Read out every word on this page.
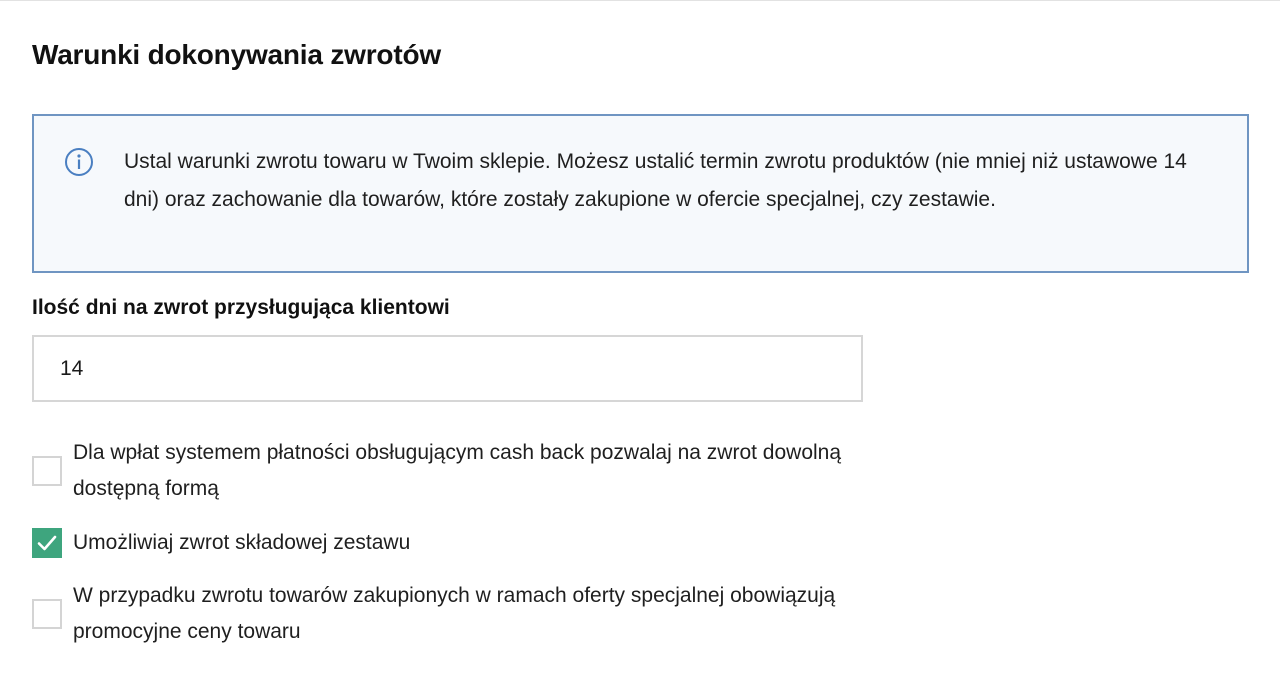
Warunki dokonywania zwrotów

Ustal warunki zwrotu towaru w Twoim sklepie. Możesz ustalić termin zwrotu produktów (nie mniej niż ustawowe 14 dni) oraz zachowanie dla towarów, które zostały zakupione w ofercie specjalnej, czy zestawie.

Ilość dni na zwrot przysługująca klientowi
14

Dla wpłat systemem płatności obsługującym cash back pozwalaj na zwrot dowolną dostępną formą

Umożliwiaj zwrot składowej zestawu

W przypadku zwrotu towarów zakupionych w ramach oferty specjalnej obowiązują promocyjne ceny towaru
